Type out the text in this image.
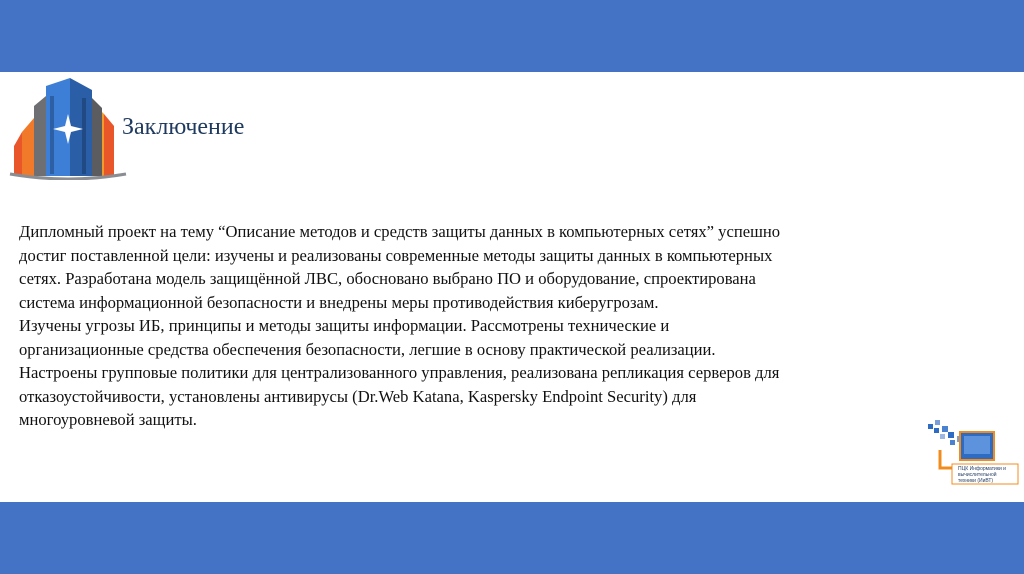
Заключение

Дипломный проект на тему “Описание методов и средств защиты данных в компьютерных сетях” успешно достиг поставленной цели: изучены и реализованы современные методы защиты данных в компьютерных сетях. Разработана модель защищённой ЛВС, обосновано выбрано ПО и оборудование, спроектирована система информационной безопасности и внедрены меры противодействия киберугрозам.

Изучены угрозы ИБ, принципы и методы защиты информации. Рассмотрены технические и организационные средства обеспечения безопасности, легшие в основу практической реализации.

Настроены групповые политики для централизованного управления, реализована репликация серверов для отказоустойчивости, установлены антивирусы (Dr.Web Katana, Kaspersky Endpoint Security) для многоуровневой защиты.

ПЦК Информатики и
вычислительной
техники (ИиВТ)
